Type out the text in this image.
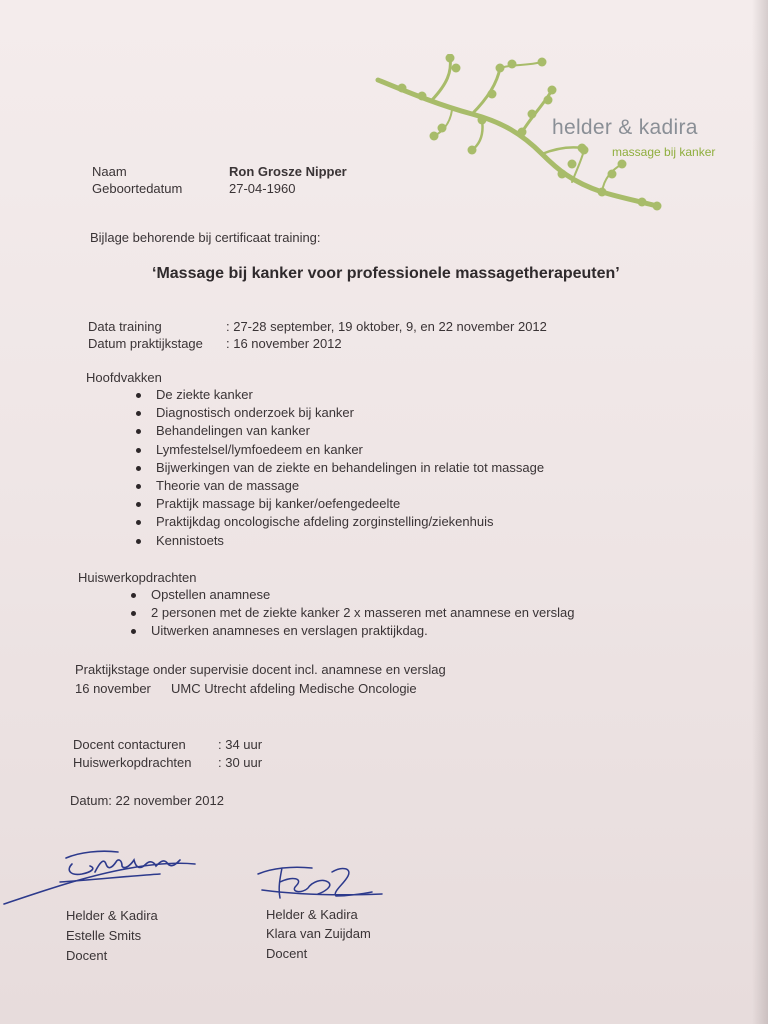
helder & kadira
massage bij kanker
Naam	Ron Grosze Nipper
Geboortedatum	27-04-1960
Bijlage behorende bij certificaat training:
‘Massage bij kanker voor professionele massagetherapeuten’
Data training	: 27-28 september, 19 oktober, 9, en 22 november 2012
Datum praktijkstage : 16 november 2012
Hoofdvakken
De ziekte kanker
Diagnostisch onderzoek bij kanker
Behandelingen van kanker
Lymfestelsel/lymfoedeem en kanker
Bijwerkingen van de ziekte en behandelingen in relatie tot massage
Theorie van de massage
Praktijk massage bij kanker/oefengedeelte
Praktijkdag oncologische afdeling zorginstelling/ziekenhuis
Kennistoets
Huiswerkopdrachten
Opstellen anamnese
2 personen met de ziekte kanker 2 x masseren met anamnese en verslag
Uitwerken anamneses en verslagen praktijkdag.
Praktijkstage onder supervisie docent incl. anamnese en verslag
16 november UMC Utrecht afdeling Medische Oncologie
Docent contacturen : 34 uur
Huiswerkopdrachten : 30 uur
Datum: 22 november 2012
Helder & Kadira
Estelle Smits
Docent
Helder & Kadira
Klara van Zuijdam
Docent
